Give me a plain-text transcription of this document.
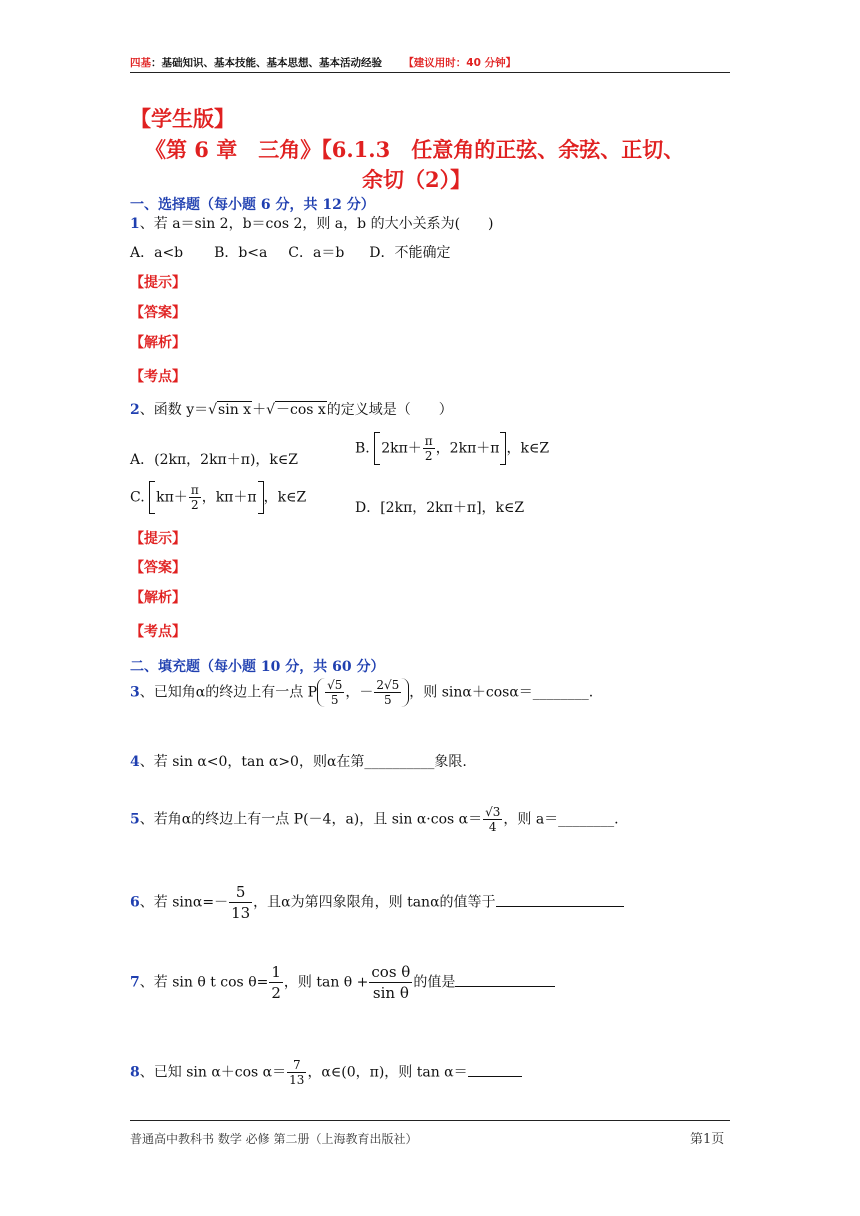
四基：基础知识、基本技能、基本思想、基本活动经验 【建议用时：40 分钟】
【学生版】
《第 6 章　三角》【6.1.3　任意角的正弦、余弦、正切、
余切（2）】
一、选择题（每小题 6 分，共 12 分）
1、若 a＝sin 2，b＝cos 2，则 a，b 的大小关系为(　　)
A．a<b B．b<a C．a＝b D．不能确定
【提示】
【答案】
【解析】
【考点】
2、函数 y＝√sin x＋√－cos x的定义域是（　　）
A．(2kπ，2kπ＋π)，k∈Z
B. $2k\pi+ \frac{\pi}{2}$ ，2kπ＋π ，k∈Z
C. $k\pi+ \frac{\pi}{2}$ ，kπ＋π ，k∈Z
D．[2kπ，2kπ＋π]，k∈Z
【提示】
【答案】
【解析】
【考点】
二、填充题（每小题 10 分，共 60 分）
3、已知角α的终边上有一点 P $\frac{√5}{5}$ ，－ $\frac{2√5}{5}$ ，则 sinα＋cosα＝________.
4、若 sin α<0，tan α>0，则α在第__________象限.
5、若角α的终边上有一点 P(－4，a)，且 sin α·cos $\alpha= \frac{√3}{4}$ ，则 a＝________.
6、若 $\sin\alpha=- \frac{5}{13}$ ，且α为第四象限角，则 tanα的值等于
7、若 sin θ t $\cos \theta= \frac{1}{2}$ ，则 $\tan \theta + \frac{\text{cos θ}}{\text{sin θ}}$ 的值是
8、已知 sin α＋cos $\alpha= \frac{7}{13}$ ，α∈(0，π)，则 tan α＝
普通高中教科书 数学 必修 第二册（上海教育出版社）	第1页
